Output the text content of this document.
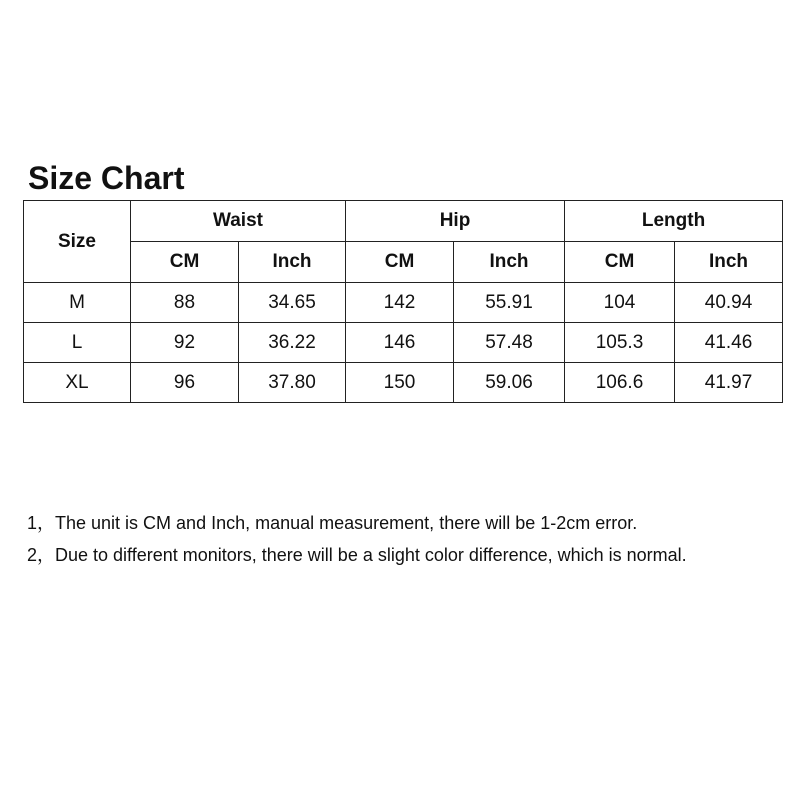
Size Chart
Size	Waist		Hip		Length	
	CM	Inch	CM	Inch	CM	Inch
M	88	34.65	142	55.91	104	40.94
L	92	36.22	146	57.48	105.3	41.46
XL	96	37.80	150	59.06	106.6	41.97
1，The unit is CM and Inch, manual measurement, there will be 1-2cm error.
2，Due to different monitors, there will be a slight color difference, which is normal.
